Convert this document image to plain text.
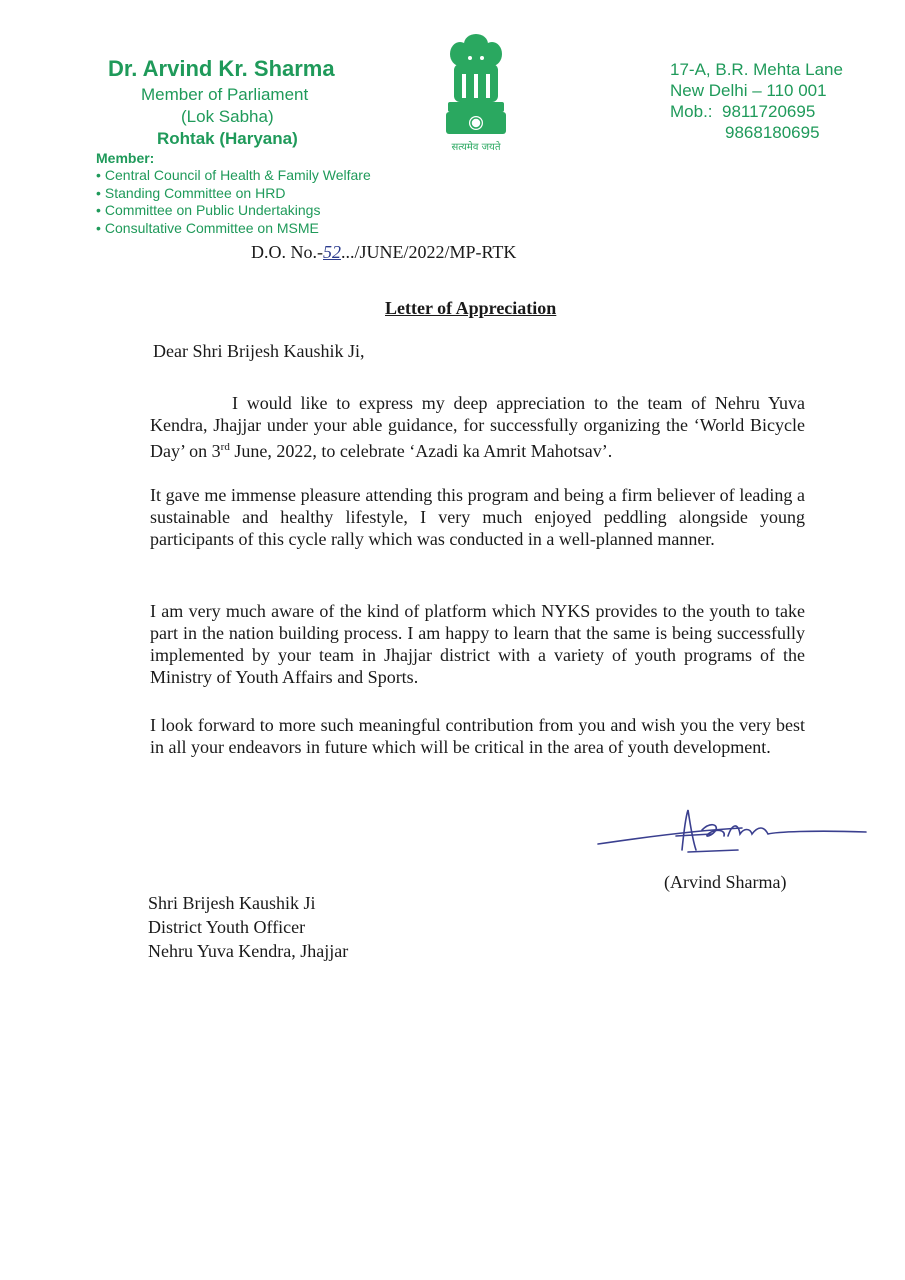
Dr. Arvind Kr. Sharma
Member of Parliament
(Lok Sabha)
Rohtak (Haryana)
Member:
• Central Council of Health & Family Welfare
• Standing Committee on HRD
• Committee on Public Undertakings
• Consultative Committee on MSME
सत्यमेव जयते
17-A, B.R. Mehta Lane
New Delhi – 110 001
Mob.: 9811720695
9868180695
D.O. No.-52.../JUNE/2022/MP-RTK
Letter of Appreciation
Dear Shri Brijesh Kaushik Ji,

I would like to express my deep appreciation to the team of Nehru Yuva Kendra, Jhajjar under your able guidance, for successfully organizing the ‘World Bicycle Day’ on 3rd June, 2022, to celebrate ‘Azadi ka Amrit Mahotsav’.

It gave me immense pleasure attending this program and being a firm believer of leading a sustainable and healthy lifestyle, I very much enjoyed peddling alongside young participants of this cycle rally which was conducted in a well-planned manner.

I am very much aware of the kind of platform which NYKS provides to the youth to take part in the nation building process. I am happy to learn that the same is being successfully implemented by your team in Jhajjar district with a variety of youth programs of the Ministry of Youth Affairs and Sports.

I look forward to more such meaningful contribution from you and wish you the very best in all your endeavors in future which will be critical in the area of youth development.

(Arvind Sharma)
Shri Brijesh Kaushik Ji
District Youth Officer
Nehru Yuva Kendra, Jhajjar
